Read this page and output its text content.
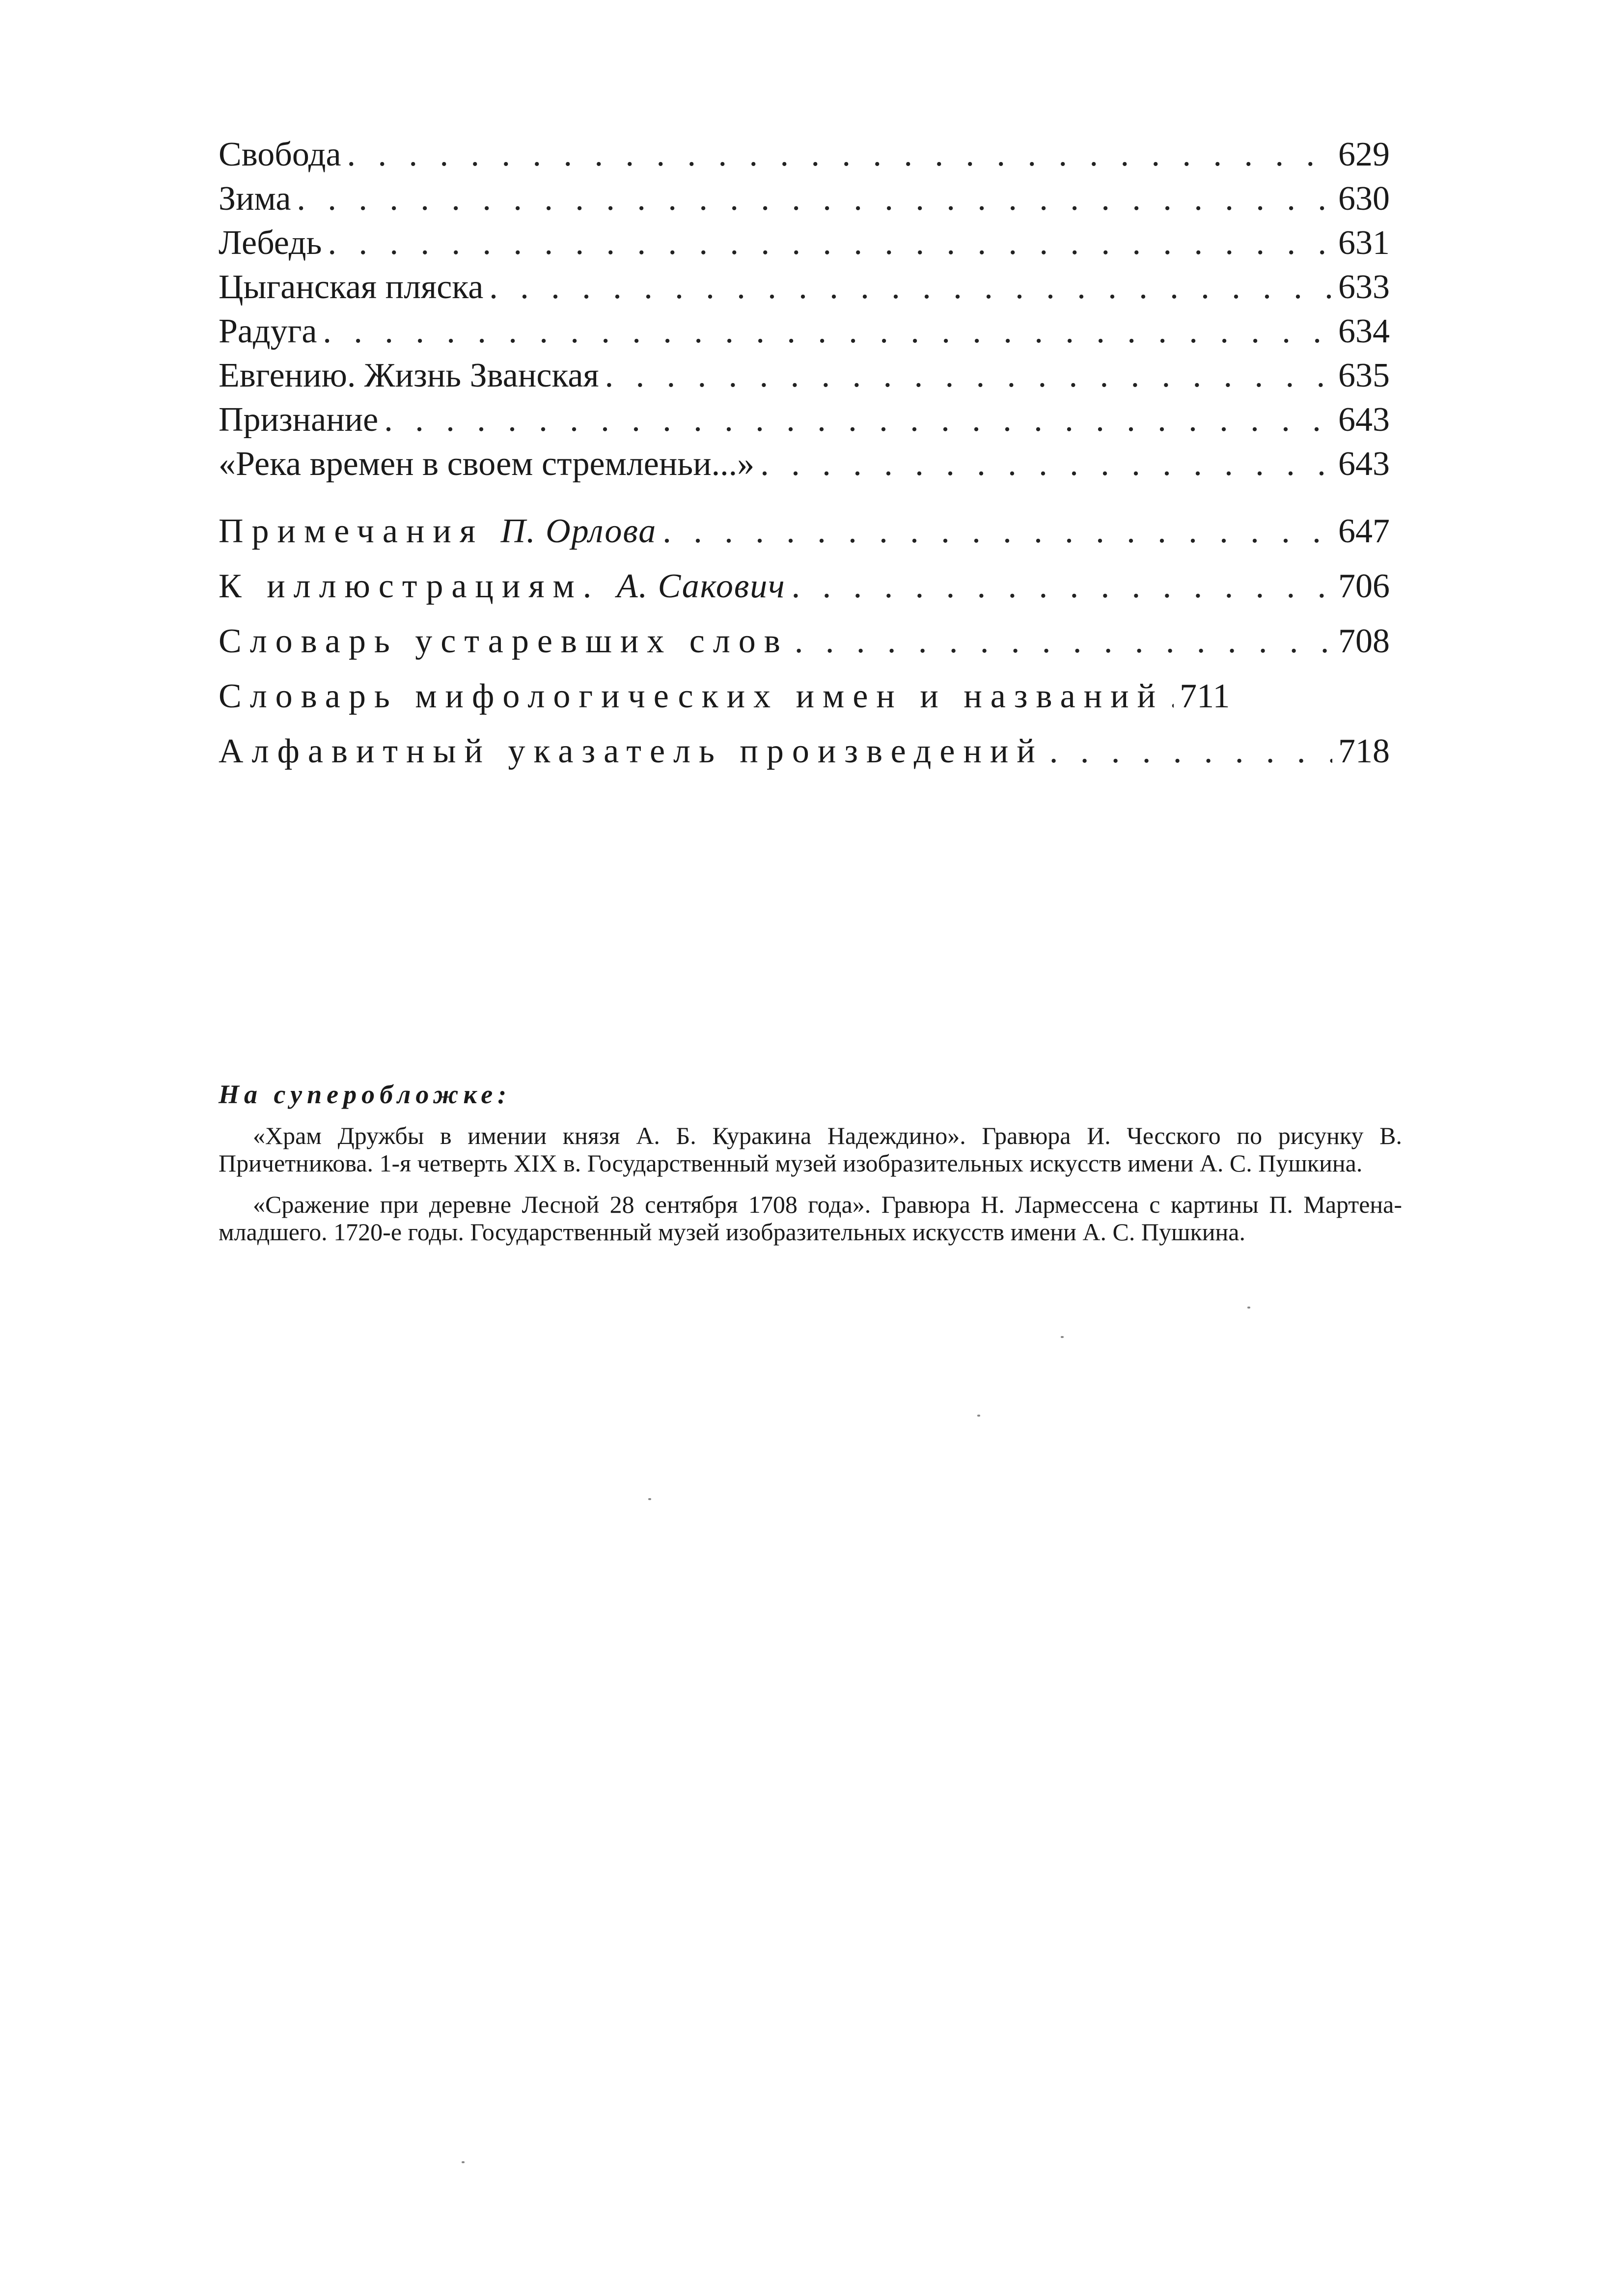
Свобода . . .	629
Зима . . .	630
Лебедь . . .	631
Цыганская пляска . . .	633
Радуга . . .	634
Евгению. Жизнь Званская . . .	635
Признание . . .	643
«Река времен в своем стремленьи...» . . .	643
Примечания П. Орлова . . .	647
К иллюстрациям. А. Сакович . . .	706
Словарь устаревших слов . . .	708
Словарь мифологических имен и названий . . . 711
Алфавитный указатель произведений . . .	718
На суперобложке:

«Храм Дружбы в имении князя А. Б. Куракина Надеждино». Гравюра И. Чесского по рисунку В. Причетникова. 1-я четверть XIX в. Государственный музей изобразительных искусств имени А. С. Пушкина.

«Сражение при деревне Лесной 28 сентября 1708 года». Гравюра Н. Лармессена с картины П. Мартена-младшего. 1720-е годы. Государственный музей изобразительных искусств имени А. С. Пушкина.
